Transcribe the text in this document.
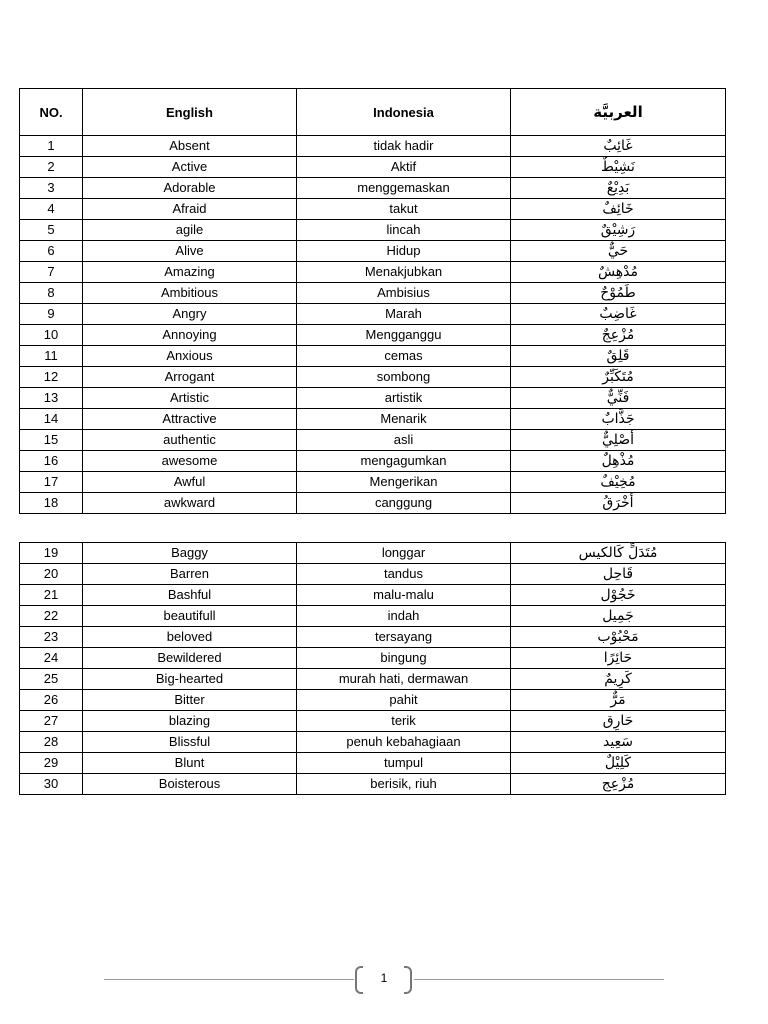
NO.	English	Indonesia	العربيَّة
1	Absent	tidak hadir	غَائِبٌ
2	Active	Aktif	نَشِيْطٌ
3	Adorable	menggemaskan	بَدِيْعٌ
4	Afraid	takut	خَائِفٌ
5	agile	lincah	رَشِيْقٌ
6	Alive	Hidup	حَيٌّ
7	Amazing	Menakjubkan	مُدْهِشٌ
8	Ambitious	Ambisius	طَمُوْحٌ
9	Angry	Marah	غَاضِبٌ
10	Annoying	Mengganggu	مُزْعِجٌ
11	Anxious	cemas	قَلِقٌ
12	Arrogant	sombong	مُتَكَبِّرٌ
13	Artistic	artistik	فَنِّيٌّ
14	Attractive	Menarik	جَذَّابٌ
15	authentic	asli	أَصْلِيٌّ
16	awesome	mengagumkan	مُذْهِلٌ
17	Awful	Mengerikan	مُخِيْفٌ
18	awkward	canggung	أَخْرَقُ
19	Baggy	longgar	مُتَدَلٍّ كَالكيس
20	Barren	tandus	قَاحِل
21	Bashful	malu-malu	خَجُوْل
22	beautifull	indah	جَمِيل
23	beloved	tersayang	مَحْبُوْب
24	Bewildered	bingung	حَائِرًا
25	Big-hearted	murah hati, dermawan	كَرِيمٌ
26	Bitter	pahit	مَرٌّ
27	blazing	terik	حَارِق
28	Blissful	penuh kebahagiaan	سَعِيد
29	Blunt	tumpul	كَلِيْلٌ
30	Boisterous	berisik, riuh	مُزْعِج
1
